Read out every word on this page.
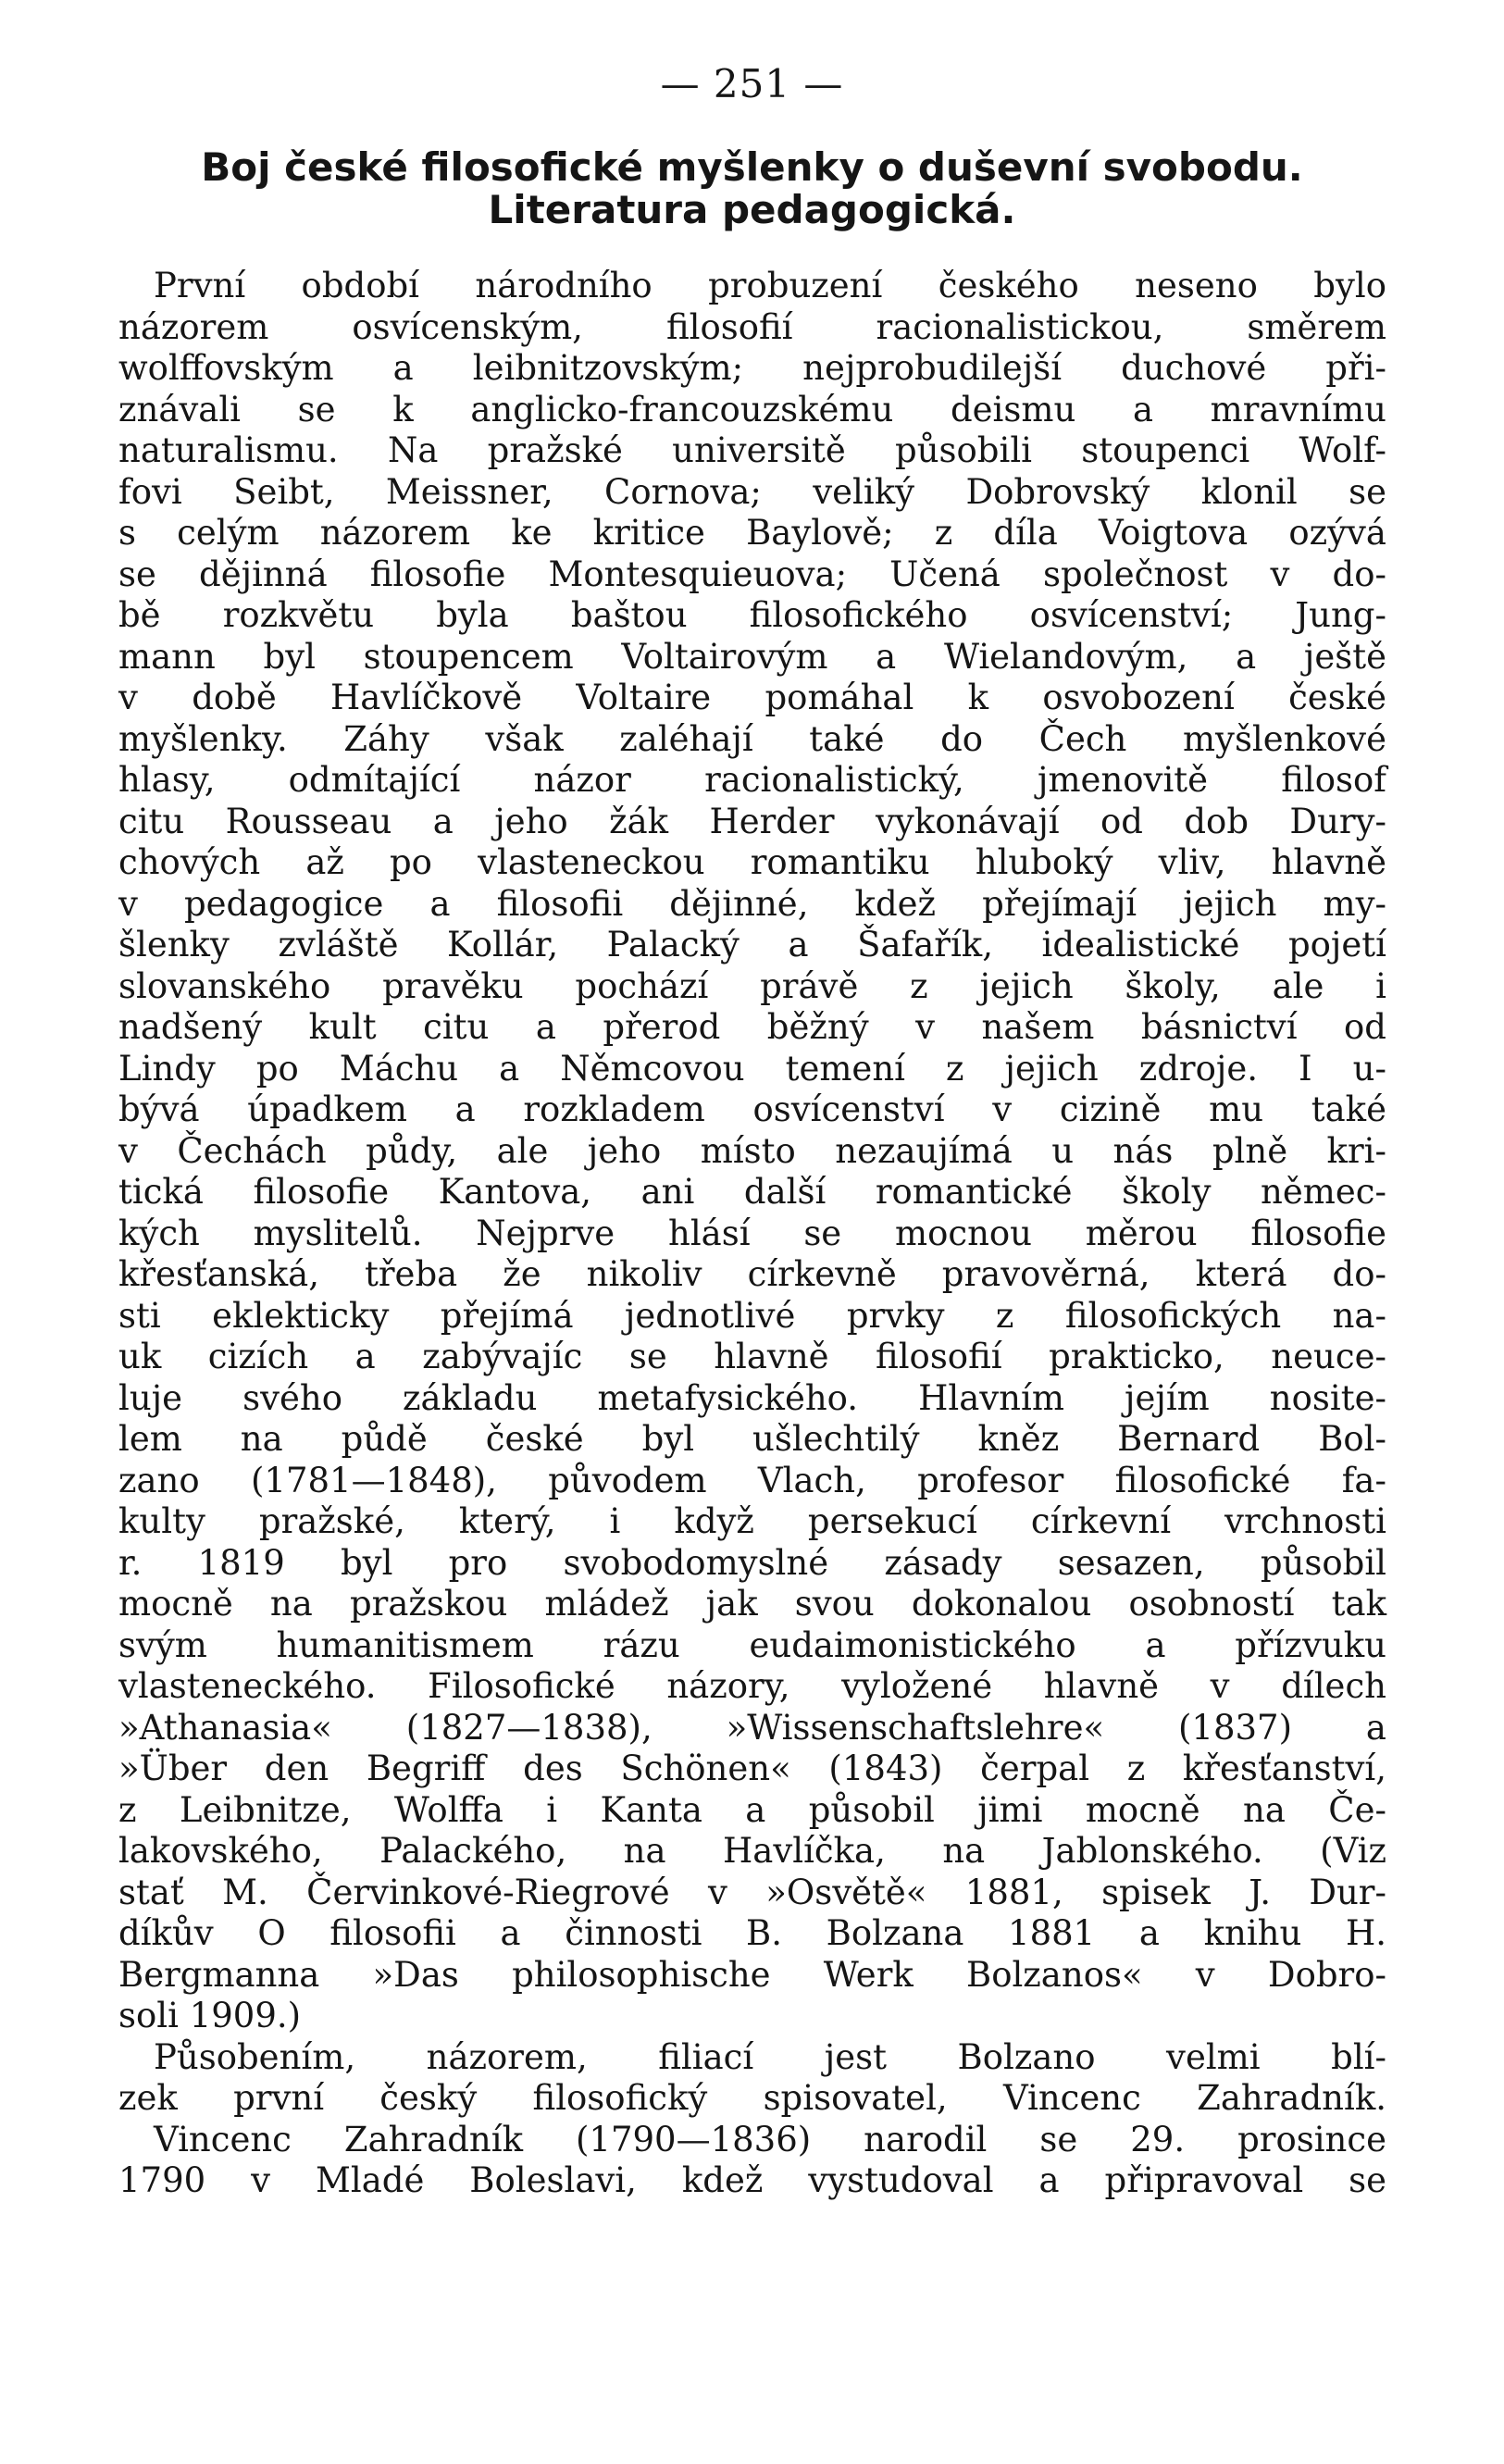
— 251 —
Boj české filosofické myšlenky o duševní svobodu.
Literatura pedagogická.
První období národního probuzení českého neseno bylo
názorem osvícenským, filosofií racionalistickou, směrem
wolffovským a leibnitzovským; nejprobudilejší duchové při-
znávali se k anglicko-francouzskému deismu a mravnímu
naturalismu. Na pražské universitě působili stoupenci Wolf-
fovi Seibt, Meissner, Cornova; veliký Dobrovský klonil se
s celým názorem ke kritice Baylově; z díla Voigtova ozývá
se dějinná filosofie Montesquieuova; Učená společnost v do-
bě rozkvětu byla baštou filosofického osvícenství; Jung-
mann byl stoupencem Voltairovým a Wielandovým, a ještě
v době Havlíčkově Voltaire pomáhal k osvobození české
myšlenky. Záhy však zaléhají také do Čech myšlenkové
hlasy, odmítající názor racionalistický, jmenovitě filosof
citu Rousseau a jeho žák Herder vykonávají od dob Dury-
chových až po vlasteneckou romantiku hluboký vliv, hlavně
v pedagogice a filosofii dějinné, kdež přejímají jejich my-
šlenky zvláště Kollár, Palacký a Šafařík, idealistické pojetí
slovanského pravěku pochází právě z jejich školy, ale i
nadšený kult citu a přerod běžný v našem básnictví od
Lindy po Máchu a Němcovou temení z jejich zdroje. I u-
bývá úpadkem a rozkladem osvícenství v cizině mu také
v Čechách půdy, ale jeho místo nezaujímá u nás plně kri-
tická filosofie Kantova, ani další romantické školy němec-
kých myslitelů. Nejprve hlásí se mocnou měrou filosofie
křesťanská, třeba že nikoliv církevně pravověrná, která do-
sti eklekticky přejímá jednotlivé prvky z filosofických na-
uk cizích a zabývajíc se hlavně filosofií prakticko, neuce-
luje svého základu metafysického. Hlavním jejím nosite-
lem na půdě české byl ušlechtilý kněz Bernard Bol-
zano (1781—1848), původem Vlach, profesor filosofické fa-
kulty pražské, který, i když persekucí církevní vrchnosti
r. 1819 byl pro svobodomyslné zásady sesazen, působil
mocně na pražskou mládež jak svou dokonalou osobností tak
svým humanitismem rázu eudaimonistického a přízvuku
vlasteneckého. Filosofické názory, vyložené hlavně v dílech
»Athanasia« (1827—1838), »Wissenschaftslehre« (1837) a
»Über den Begriff des Schönen« (1843) čerpal z křesťanství,
z Leibnitze, Wolffa i Kanta a působil jimi mocně na Če-
lakovského, Palackého, na Havlíčka, na Jablonského. (Viz
stať M. Červinkové-Riegrové v »Osvětě« 1881, spisek J. Dur-
díkův O filosofii a činnosti B. Bolzana 1881 a knihu H.
Bergmanna »Das philosophische Werk Bolzanos« v Dobro-
soli 1909.)
Působením, názorem, filiací jest Bolzano velmi blí-
zek první český filosofický spisovatel, Vincenc Zahradník.
Vincenc Zahradník (1790—1836) narodil se 29. prosince
1790 v Mladé Boleslavi, kdež vystudoval a připravoval se
